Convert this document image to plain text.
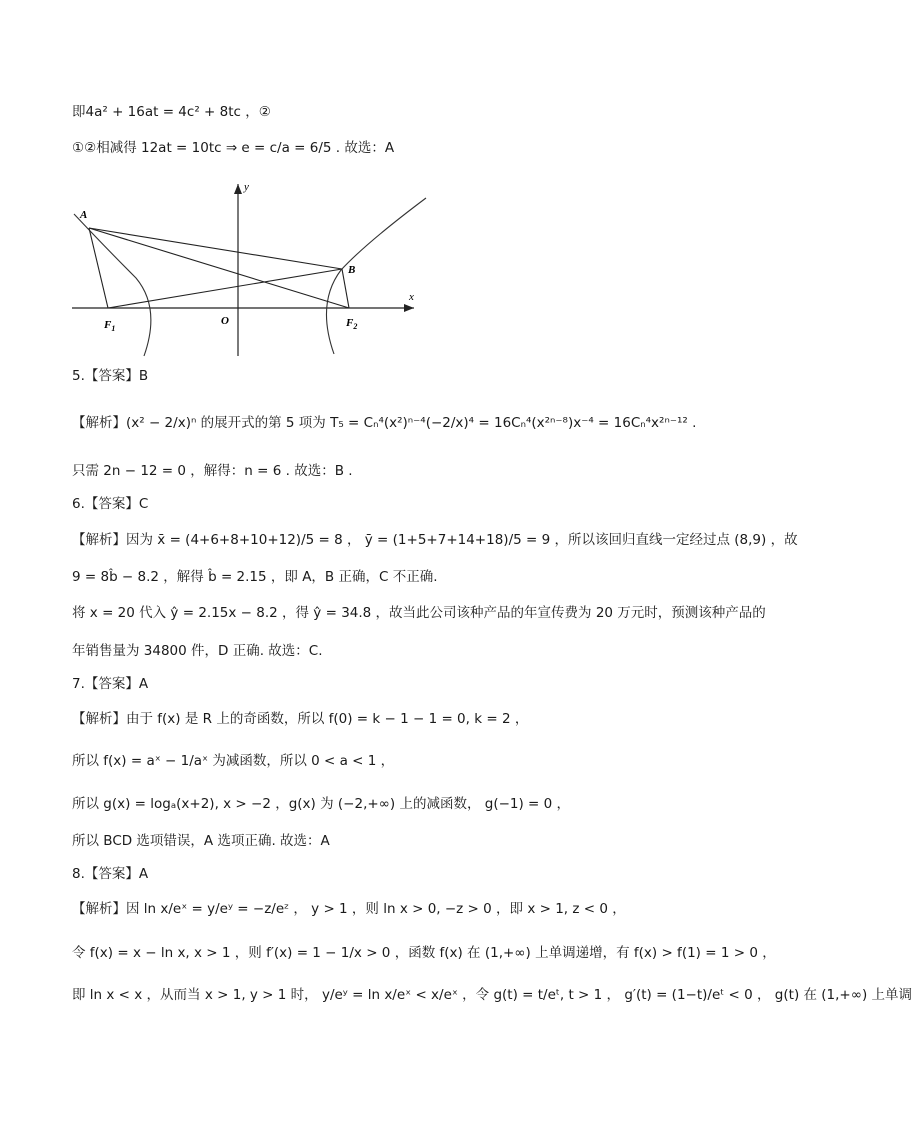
即4a² + 16at = 4c² + 8tc ，②
①②相减得 12at = 10tc ⇒ e = c/a = 6/5 . 故选：A
A
B
O
$F_1$	$F_2$
x
y
5.【答案】B
【解析】(x² − 2/x)ⁿ 的展开式的第 5 项为 T₅ = Cₙ⁴(x²)ⁿ⁻⁴(−2/x)⁴ = 16Cₙ⁴(x²ⁿ⁻⁸)x⁻⁴ = 16Cₙ⁴x²ⁿ⁻¹² .
只需 2n − 12 = 0 ，解得：n = 6 . 故选：B .
6.【答案】C
【解析】因为 x̄ = (4+6+8+10+12)/5 = 8 ， ȳ = (1+5+7+14+18)/5 = 9 ，所以该回归直线一定经过点 (8,9) ，故
9 = 8b̂ − 8.2 ，解得 b̂ = 2.15 ，即 A，B 正确，C 不正确.
将 x = 20 代入 ŷ = 2.15x − 8.2 ，得 ŷ = 34.8 ，故当此公司该种产品的年宣传费为 20 万元时，预测该种产品的
年销售量为 34800 件，D 正确. 故选：C.
7.【答案】A
【解析】由于 f(x) 是 R 上的奇函数，所以 f(0) = k − 1 − 1 = 0, k = 2 ，
所以 f(x) = aˣ − 1/aˣ 为减函数，所以 0 < a < 1 ，
所以 g(x) = logₐ(x+2), x > −2 ，g(x) 为 (−2,+∞) 上的减函数， g(−1) = 0 ，
所以 BCD 选项错误，A 选项正确. 故选：A
8.【答案】A
【解析】因 ln x/eˣ = y/eʸ = −z/eᶻ ， y > 1 ，则 ln x > 0, −z > 0 ，即 x > 1, z < 0 ，
令 f(x) = x − ln x, x > 1 ，则 f′(x) = 1 − 1/x > 0 ，函数 f(x) 在 (1,+∞) 上单调递增，有 f(x) > f(1) = 1 > 0 ，
即 ln x < x ，从而当 x > 1, y > 1 时， y/eʸ = ln x/eˣ < x/eˣ ，令 g(t) = t/eᵗ, t > 1 ， g′(t) = (1−t)/eᵗ < 0 ， g(t) 在 (1,+∞) 上单调
